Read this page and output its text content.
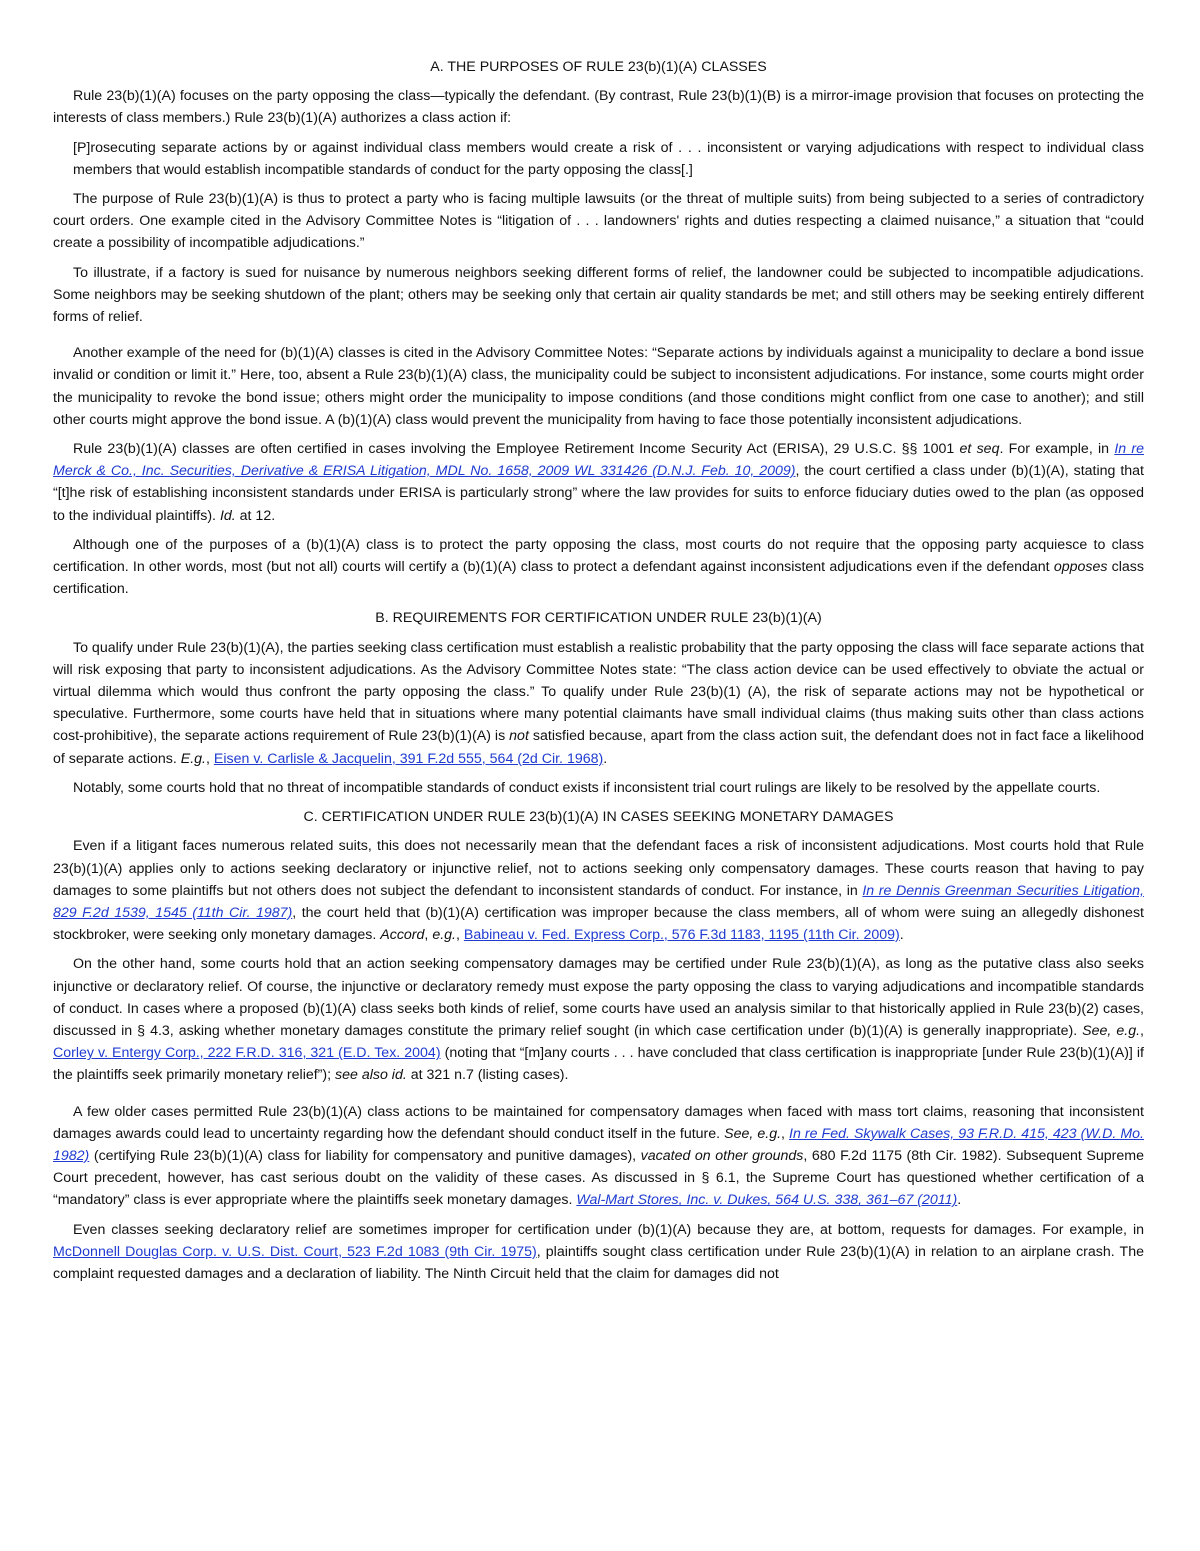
A. THE PURPOSES OF RULE 23(b)(1)(A) CLASSES

Rule 23(b)(1)(A) focuses on the party opposing the class—typically the defendant. (By contrast, Rule 23(b)(1)(B) is a mirror-image provision that focuses on protecting the interests of class members.) Rule 23(b)(1)(A) authorizes a class action if:

[P]rosecuting separate actions by or against individual class members would create a risk of . . . inconsistent or varying adjudications with respect to individual class members that would establish incompatible standards of conduct for the party opposing the class[.]

The purpose of Rule 23(b)(1)(A) is thus to protect a party who is facing multiple lawsuits (or the threat of multiple suits) from being subjected to a series of contradictory court orders. One example cited in the Advisory Committee Notes is “litigation of . . . landowners' rights and duties respecting a claimed nuisance,” a situation that “could create a possibility of incompatible adjudications.”

To illustrate, if a factory is sued for nuisance by numerous neighbors seeking different forms of relief, the landowner could be subjected to incompatible adjudications. Some neighbors may be seeking shutdown of the plant; others may be seeking only that certain air quality standards be met; and still others may be seeking entirely different forms of relief.

Another example of the need for (b)(1)(A) classes is cited in the Advisory Committee Notes: “Separate actions by individuals against a municipality to declare a bond issue invalid or condition or limit it.” Here, too, absent a Rule 23(b)(1)(A) class, the municipality could be subject to inconsistent adjudications. For instance, some courts might order the municipality to revoke the bond issue; others might order the municipality to impose conditions (and those conditions might conflict from one case to another); and still other courts might approve the bond issue. A (b)(1)(A) class would prevent the municipality from having to face those potentially inconsistent adjudications.

Rule 23(b)(1)(A) classes are often certified in cases involving the Employee Retirement Income Security Act (ERISA), 29 U.S.C. §§ 1001 et seq. For example, in In re Merck & Co., Inc. Securities, Derivative & ERISA Litigation, MDL No. 1658, 2009 WL 331426 (D.N.J. Feb. 10, 2009), the court certified a class under (b)(1)(A), stating that “[t]he risk of establishing inconsistent standards under ERISA is particularly strong” where the law provides for suits to enforce fiduciary duties owed to the plan (as opposed to the individual plaintiffs). Id. at 12.

Although one of the purposes of a (b)(1)(A) class is to protect the party opposing the class, most courts do not require that the opposing party acquiesce to class certification. In other words, most (but not all) courts will certify a (b)(1)(A) class to protect a defendant against inconsistent adjudications even if the defendant opposes class certification.

B. REQUIREMENTS FOR CERTIFICATION UNDER RULE 23(b)(1)(A)

To qualify under Rule 23(b)(1)(A), the parties seeking class certification must establish a realistic probability that the party opposing the class will face separate actions that will risk exposing that party to inconsistent adjudications. As the Advisory Committee Notes state: “The class action device can be used effectively to obviate the actual or virtual dilemma which would thus confront the party opposing the class.” To qualify under Rule 23(b)(1) (A), the risk of separate actions may not be hypothetical or speculative. Furthermore, some courts have held that in situations where many potential claimants have small individual claims (thus making suits other than class actions cost-prohibitive), the separate actions requirement of Rule 23(b)(1)(A) is not satisfied because, apart from the class action suit, the defendant does not in fact face a likelihood of separate actions. E.g., Eisen v. Carlisle & Jacquelin, 391 F.2d 555, 564 (2d Cir. 1968).

Notably, some courts hold that no threat of incompatible standards of conduct exists if inconsistent trial court rulings are likely to be resolved by the appellate courts.

C. CERTIFICATION UNDER RULE 23(b)(1)(A) IN CASES SEEKING MONETARY DAMAGES

Even if a litigant faces numerous related suits, this does not necessarily mean that the defendant faces a risk of inconsistent adjudications. Most courts hold that Rule 23(b)(1)(A) applies only to actions seeking declaratory or injunctive relief, not to actions seeking only compensatory damages. These courts reason that having to pay damages to some plaintiffs but not others does not subject the defendant to inconsistent standards of conduct. For instance, in In re Dennis Greenman Securities Litigation, 829 F.2d 1539, 1545 (11th Cir. 1987), the court held that (b)(1)(A) certification was improper because the class members, all of whom were suing an allegedly dishonest stockbroker, were seeking only monetary damages. Accord, e.g., Babineau v. Fed. Express Corp., 576 F.3d 1183, 1195 (11th Cir. 2009).

On the other hand, some courts hold that an action seeking compensatory damages may be certified under Rule 23(b)(1)(A), as long as the putative class also seeks injunctive or declaratory relief. Of course, the injunctive or declaratory remedy must expose the party opposing the class to varying adjudications and incompatible standards of conduct. In cases where a proposed (b)(1)(A) class seeks both kinds of relief, some courts have used an analysis similar to that historically applied in Rule 23(b)(2) cases, discussed in § 4.3, asking whether monetary damages constitute the primary relief sought (in which case certification under (b)(1)(A) is generally inappropriate). See, e.g., Corley v. Entergy Corp., 222 F.R.D. 316, 321 (E.D. Tex. 2004) (noting that “[m]any courts . . . have concluded that class certification is inappropriate [under Rule 23(b)(1)(A)] if the plaintiffs seek primarily monetary relief”); see also id. at 321 n.7 (listing cases).

A few older cases permitted Rule 23(b)(1)(A) class actions to be maintained for compensatory damages when faced with mass tort claims, reasoning that inconsistent damages awards could lead to uncertainty regarding how the defendant should conduct itself in the future. See, e.g., In re Fed. Skywalk Cases, 93 F.R.D. 415, 423 (W.D. Mo. 1982) (certifying Rule 23(b)(1)(A) class for liability for compensatory and punitive damages), vacated on other grounds, 680 F.2d 1175 (8th Cir. 1982). Subsequent Supreme Court precedent, however, has cast serious doubt on the validity of these cases. As discussed in § 6.1, the Supreme Court has questioned whether certification of a “mandatory” class is ever appropriate where the plaintiffs seek monetary damages. Wal-Mart Stores, Inc. v. Dukes, 564 U.S. 338, 361–67 (2011).

Even classes seeking declaratory relief are sometimes improper for certification under (b)(1)(A) because they are, at bottom, requests for damages. For example, in McDonnell Douglas Corp. v. U.S. Dist. Court, 523 F.2d 1083 (9th Cir. 1975), plaintiffs sought class certification under Rule 23(b)(1)(A) in relation to an airplane crash. The complaint requested damages and a declaration of liability. The Ninth Circuit held that the claim for damages did not
